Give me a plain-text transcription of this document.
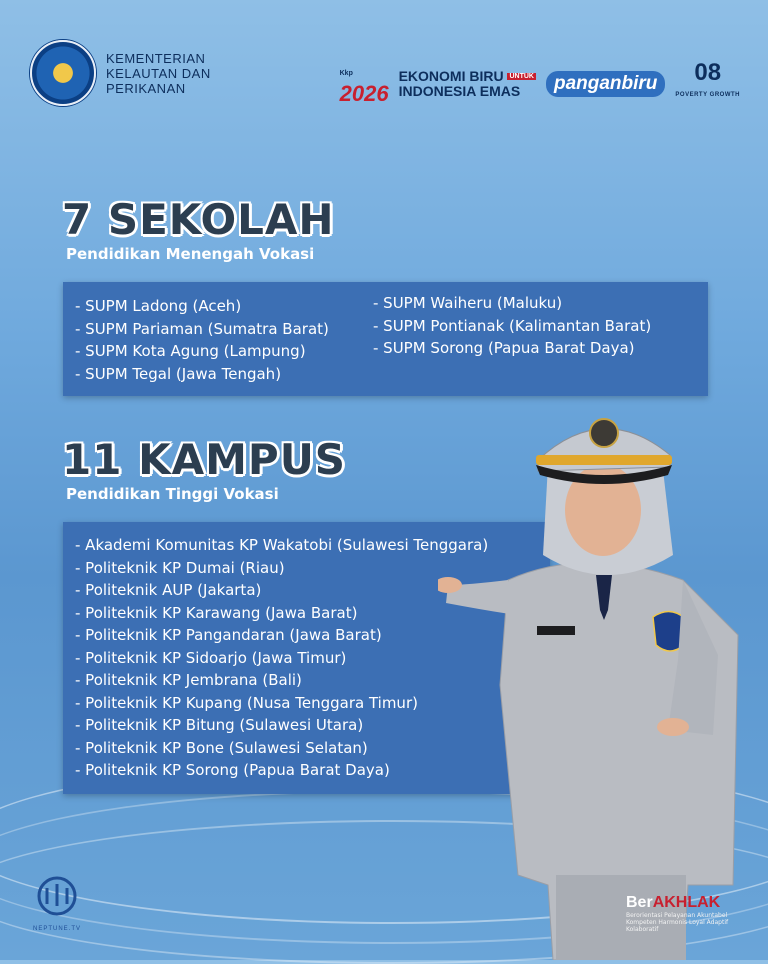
KEMENTERIAN
KELAUTAN DAN
PERIKANAN
Kkp
2026
EKONOMI BIRU UNTUK
INDONESIA EMAS	panganbiru	08
POVERTY GROWTH
7 SEKOLAH
Pendidikan Menengah Vokasi
- SUPM Ladong (Aceh)
- SUPM Pariaman (Sumatra Barat)
- SUPM Kota Agung (Lampung)
- SUPM Tegal (Jawa Tengah)
- SUPM Waiheru (Maluku)
- SUPM Pontianak (Kalimantan Barat)
- SUPM Sorong (Papua Barat Daya)
11 KAMPUS
Pendidikan Tinggi Vokasi
- Akademi Komunitas KP Wakatobi (Sulawesi Tenggara)
- Politeknik KP Dumai (Riau)
- Politeknik AUP (Jakarta)
- Politeknik KP Karawang (Jawa Barat)
- Politeknik KP Pangandaran (Jawa Barat)
- Politeknik KP Sidoarjo (Jawa Timur)
- Politeknik KP Jembrana (Bali)
- Politeknik KP Kupang (Nusa Tenggara Timur)
- Politeknik KP Bitung (Sulawesi Utara)
- Politeknik KP Bone (Sulawesi Selatan)
- Politeknik KP Sorong (Papua Barat Daya)
NEPTUNE.TV
BerAKHLAK
Berorientasi Pelayanan Akuntabel Kompeten Harmonis Loyal Adaptif Kolaboratif
